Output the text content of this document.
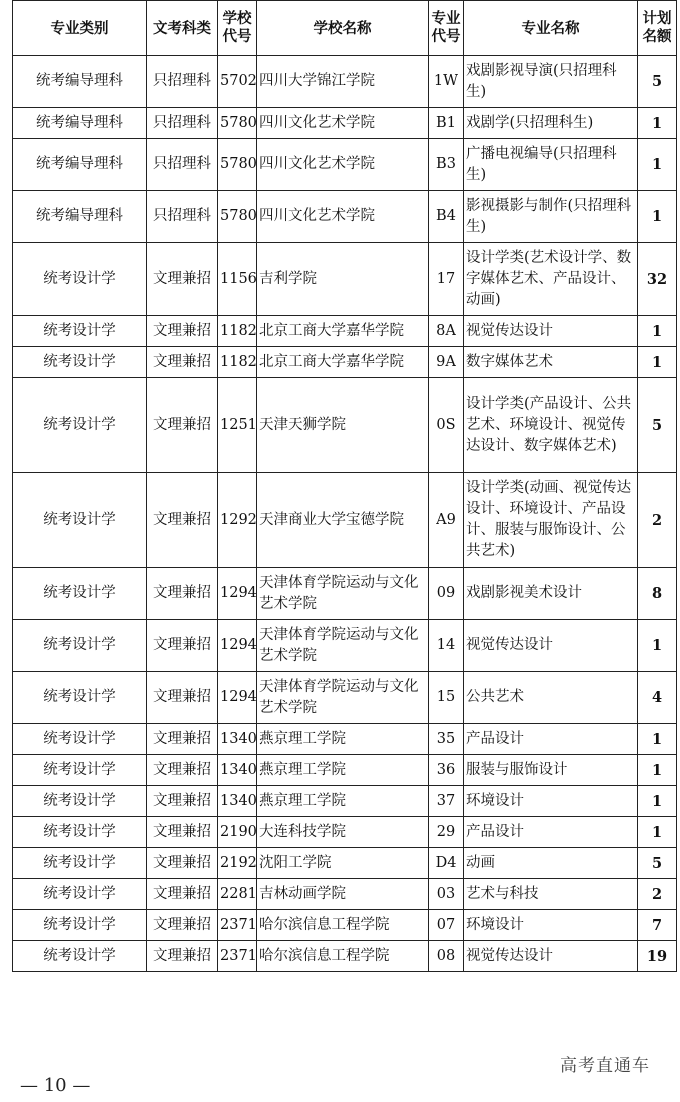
专业类别	文考科类	学校代号	学校名称	专业代号	专业名称	计划名额
统考编导理科	只招理科	5702	四川大学锦江学院	1W	戏剧影视导演(只招理科生)	5
统考编导理科	只招理科	5780	四川文化艺术学院	B1	戏剧学(只招理科生)	1
统考编导理科	只招理科	5780	四川文化艺术学院	B3	广播电视编导(只招理科生)	1
统考编导理科	只招理科	5780	四川文化艺术学院	B4	影视摄影与制作(只招理科生)	1
统考设计学	文理兼招	1156	吉利学院	17	设计学类(艺术设计学、数字媒体艺术、产品设计、动画)	32
统考设计学	文理兼招	1182	北京工商大学嘉华学院	8A	视觉传达设计	1
统考设计学	文理兼招	1182	北京工商大学嘉华学院	9A	数字媒体艺术	1
统考设计学	文理兼招	1251	天津天狮学院	0S	设计学类(产品设计、公共艺术、环境设计、视觉传达设计、数字媒体艺术)	5
统考设计学	文理兼招	1292	天津商业大学宝德学院	A9	设计学类(动画、视觉传达设计、环境设计、产品设计、服装与服饰设计、公共艺术)	2
统考设计学	文理兼招	1294	天津体育学院运动与文化艺术学院	09	戏剧影视美术设计	8
统考设计学	文理兼招	1294	天津体育学院运动与文化艺术学院	14	视觉传达设计	1
统考设计学	文理兼招	1294	天津体育学院运动与文化艺术学院	15	公共艺术	4
统考设计学	文理兼招	1340	燕京理工学院	35	产品设计	1
统考设计学	文理兼招	1340	燕京理工学院	36	服装与服饰设计	1
统考设计学	文理兼招	1340	燕京理工学院	37	环境设计	1
统考设计学	文理兼招	2190	大连科技学院	29	产品设计	1
统考设计学	文理兼招	2192	沈阳工学院	D4	动画	5
统考设计学	文理兼招	2281	吉林动画学院	03	艺术与科技	2
统考设计学	文理兼招	2371	哈尔滨信息工程学院	07	环境设计	7
统考设计学	文理兼招	2371	哈尔滨信息工程学院	08	视觉传达设计	19
高考直通车
— 10 —
